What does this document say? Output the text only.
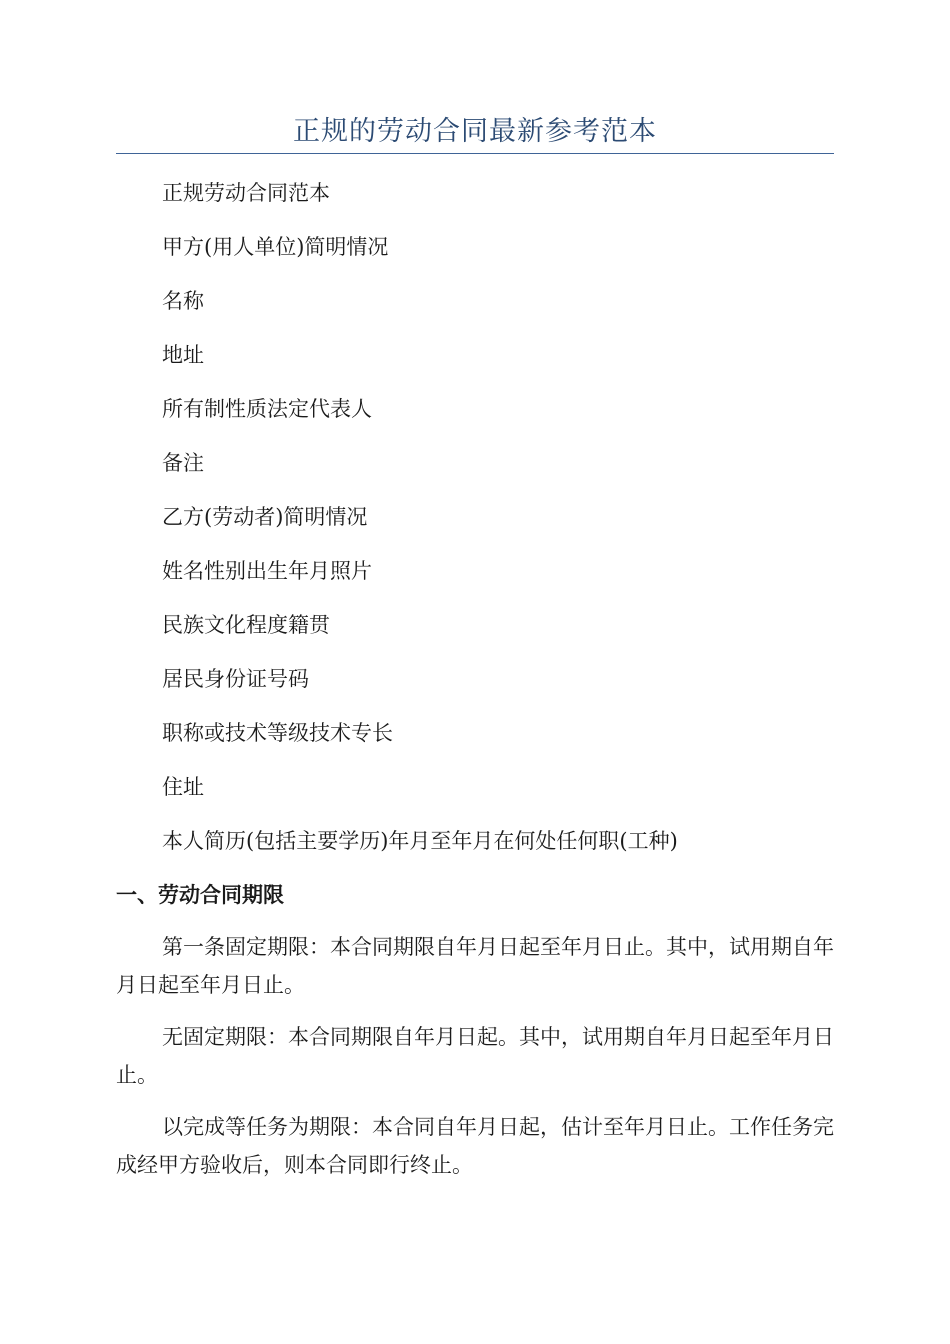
正规的劳动合同最新参考范本

正规劳动合同范本

甲方(用人单位)简明情况

名称

地址

所有制性质法定代表人

备注

乙方(劳动者)简明情况

姓名性别出生年月照片

民族文化程度籍贯

居民身份证号码

职称或技术等级技术专长

住址

本人简历(包括主要学历)年月至年月在何处任何职(工种)

一、劳动合同期限

第一条固定期限：本合同期限自年月日起至年月日止。其中，试用期自年月日起至年月日止。

无固定期限：本合同期限自年月日起。其中，试用期自年月日起至年月日止。

以完成等任务为期限：本合同自年月日起，估计至年月日止。工作任务完成经甲方验收后，则本合同即行终止。
